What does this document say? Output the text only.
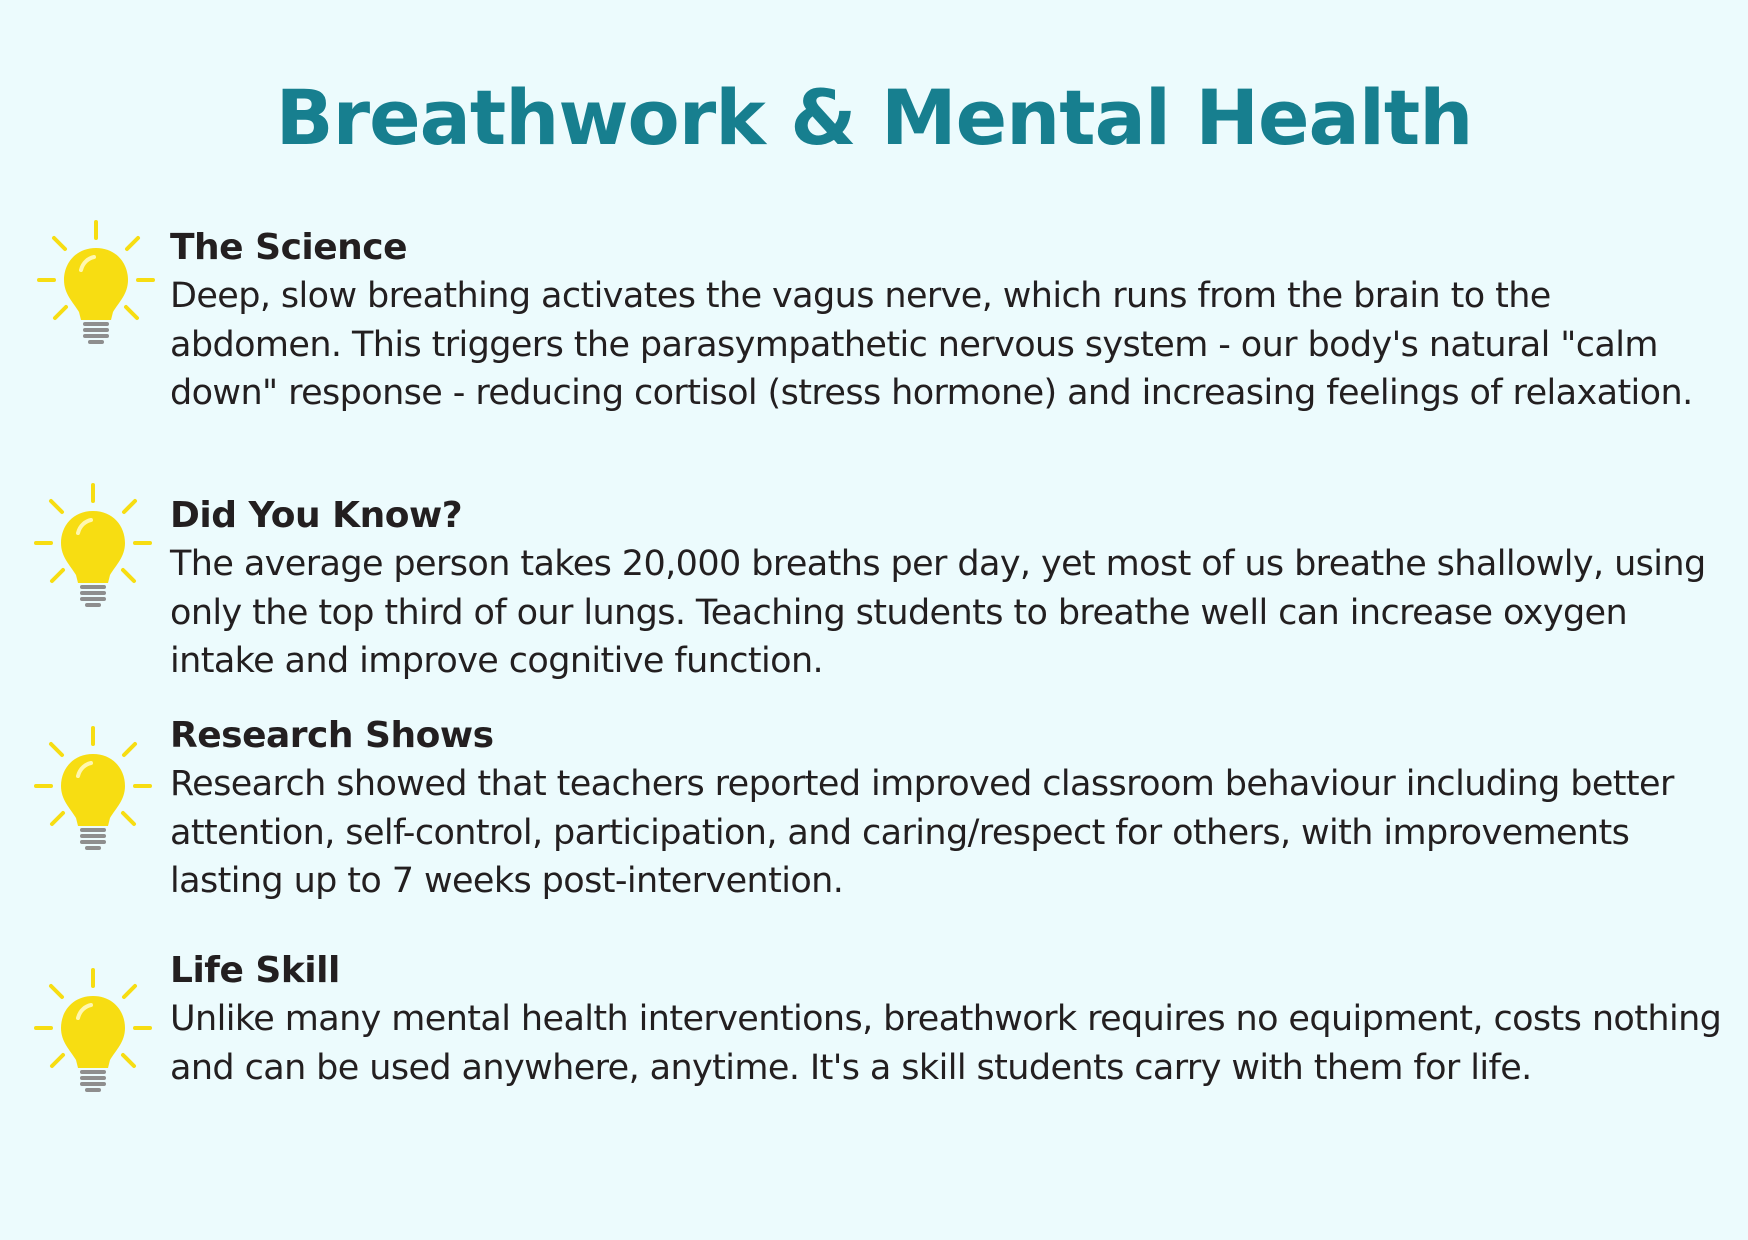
Breathwork & Mental Health
The Science

Deep, slow breathing activates the vagus nerve, which runs from the brain to the abdomen. This triggers the parasympathetic nervous system - our body's natural "calm down" response - reducing cortisol (stress hormone) and increasing feelings of relaxation.

Did You Know?

The average person takes 20,000 breaths per day, yet most of us breathe shallowly, using only the top third of our lungs. Teaching students to breathe well can increase oxygen intake and improve cognitive function.

Research Shows

Research showed that teachers reported improved classroom behaviour including better attention, self-control, participation, and caring/respect for others, with improvements lasting up to 7 weeks post-intervention.

Life Skill

Unlike many mental health interventions, breathwork requires no equipment, costs nothing and can be used anywhere, anytime. It's a skill students carry with them for life.
